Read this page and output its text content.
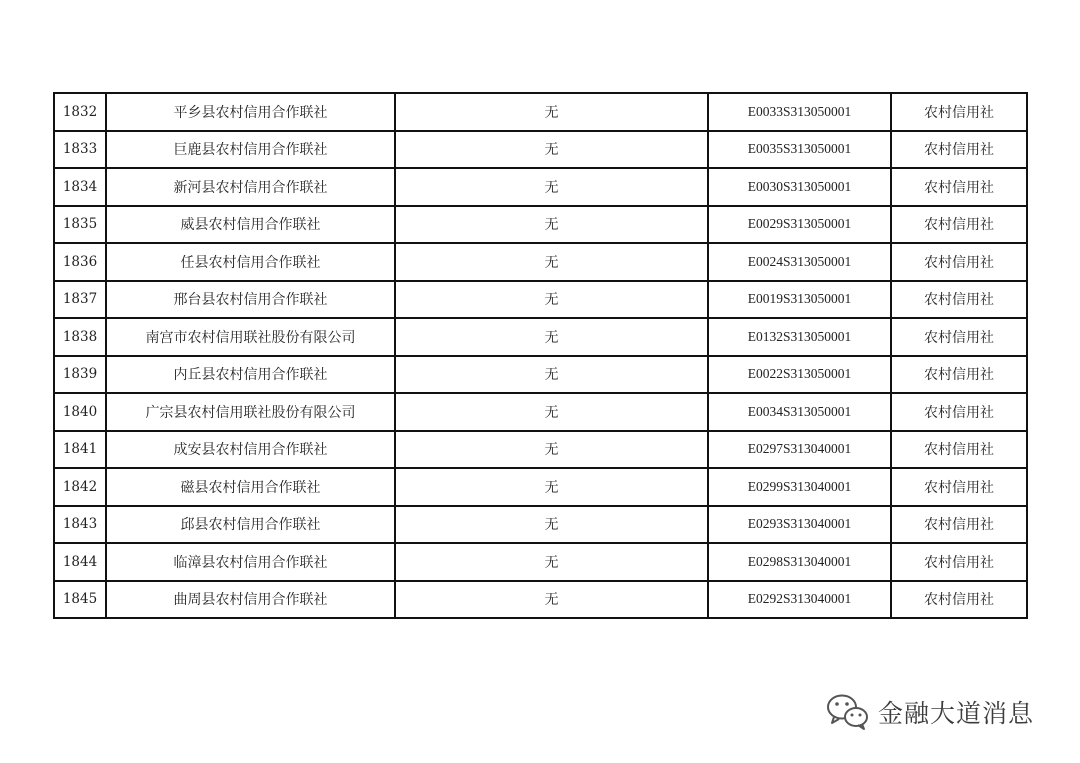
1832	平乡县农村信用合作联社	无	E0033S313050001	农村信用社
1833	巨鹿县农村信用合作联社	无	E0035S313050001	农村信用社
1834	新河县农村信用合作联社	无	E0030S313050001	农村信用社
1835	威县农村信用合作联社	无	E0029S313050001	农村信用社
1836	任县农村信用合作联社	无	E0024S313050001	农村信用社
1837	邢台县农村信用合作联社	无	E0019S313050001	农村信用社
1838	南宫市农村信用联社股份有限公司	无	E0132S313050001	农村信用社
1839	内丘县农村信用合作联社	无	E0022S313050001	农村信用社
1840	广宗县农村信用联社股份有限公司	无	E0034S313050001	农村信用社
1841	成安县农村信用合作联社	无	E0297S313040001	农村信用社
1842	磁县农村信用合作联社	无	E0299S313040001	农村信用社
1843	邱县农村信用合作联社	无	E0293S313040001	农村信用社
1844	临漳县农村信用合作联社	无	E0298S313040001	农村信用社
1845	曲周县农村信用合作联社	无	E0292S313040001	农村信用社
金融大道消息
